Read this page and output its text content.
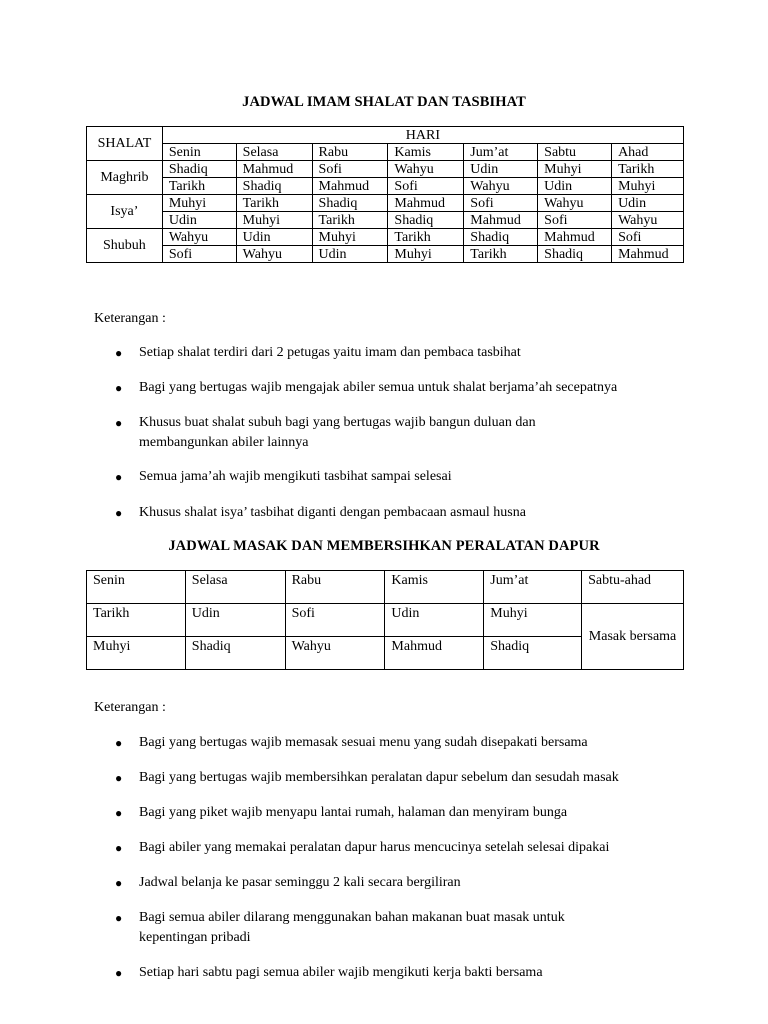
JADWAL IMAM SHALAT DAN TASBIHAT
SHALAT	HARI						
	Senin	Selasa	Rabu	Kamis	Jum’at	Sabtu	Ahad
Maghrib	Shadiq	Mahmud	Sofi	Wahyu	Udin	Muhyi	Tarikh
	Tarikh	Shadiq	Mahmud	Sofi	Wahyu	Udin	Muhyi
Isya’	Muhyi	Tarikh	Shadiq	Mahmud	Sofi	Wahyu	Udin
	Udin	Muhyi	Tarikh	Shadiq	Mahmud	Sofi	Wahyu
Shubuh	Wahyu	Udin	Muhyi	Tarikh	Shadiq	Mahmud	Sofi
	Sofi	Wahyu	Udin	Muhyi	Tarikh	Shadiq	Mahmud
Keterangan :
● Setiap shalat terdiri dari 2 petugas yaitu imam dan pembaca tasbihat
● Bagi yang bertugas wajib mengajak abiler semua untuk shalat berjama’ah secepatnya
● Khusus buat shalat subuh bagi yang bertugas wajib bangun duluan dan membangunkan abiler lainnya
● Semua jama’ah wajib mengikuti tasbihat sampai selesai
● Khusus shalat isya’ tasbihat diganti dengan pembacaan asmaul husna
JADWAL MASAK DAN MEMBERSIHKAN PERALATAN DAPUR
Senin	Selasa	Rabu	Kamis	Jum’at	Sabtu-ahad
Tarikh	Udin	Sofi	Udin	Muhyi	Masak bersama
Muhyi	Shadiq	Wahyu	Mahmud	Shadiq	
Keterangan :
● Bagi yang bertugas wajib memasak sesuai menu yang sudah disepakati bersama
● Bagi yang bertugas wajib membersihkan peralatan dapur sebelum dan sesudah masak
● Bagi yang piket wajib menyapu lantai rumah, halaman dan menyiram bunga
● Bagi abiler yang memakai peralatan dapur harus mencucinya setelah selesai dipakai
● Jadwal belanja ke pasar seminggu 2 kali secara bergiliran
● Bagi semua abiler dilarang menggunakan bahan makanan buat masak untuk kepentingan pribadi
● Setiap hari sabtu pagi semua abiler wajib mengikuti kerja bakti bersama
